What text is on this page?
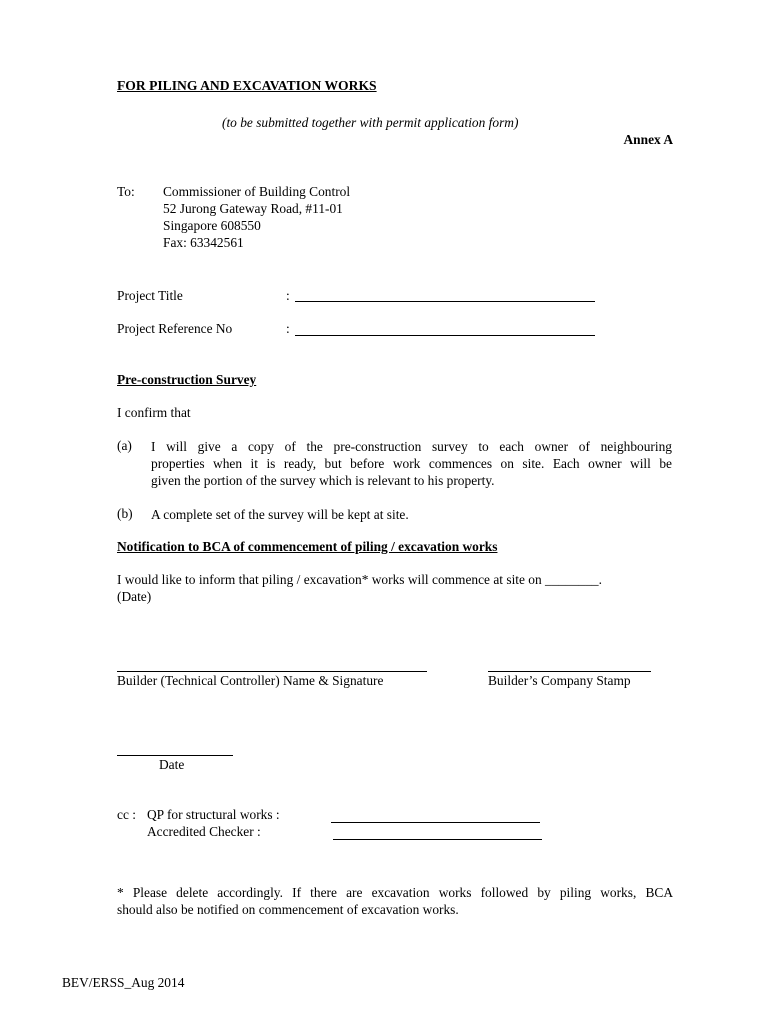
FOR PILING AND EXCAVATION WORKS
(to be submitted together with permit application form)
Annex A
To: Commissioner of Building Control
52 Jurong Gateway Road, #11-01
Singapore 608550
Fax: 63342561
Project Title	:
Project Reference No	:
Pre-construction Survey
I confirm that
(a) I will give a copy of the pre-construction survey to each owner of neighbouring
properties when it is ready, but before work commences on site. Each owner will be
given the portion of the survey which is relevant to his property.
(b) A complete set of the survey will be kept at site.
Notification to BCA of commencement of piling / excavation works
I would like to inform that piling / excavation* works will commence at site on ________.
(Date)
Builder (Technical Controller) Name & Signature	Builder’s Company Stamp
Date
cc : QP for structural works :
Accredited Checker :
* Please delete accordingly. If there are excavation works followed by piling works, BCA
should also be notified on commencement of excavation works.
BEV/ERSS_Aug 2014
